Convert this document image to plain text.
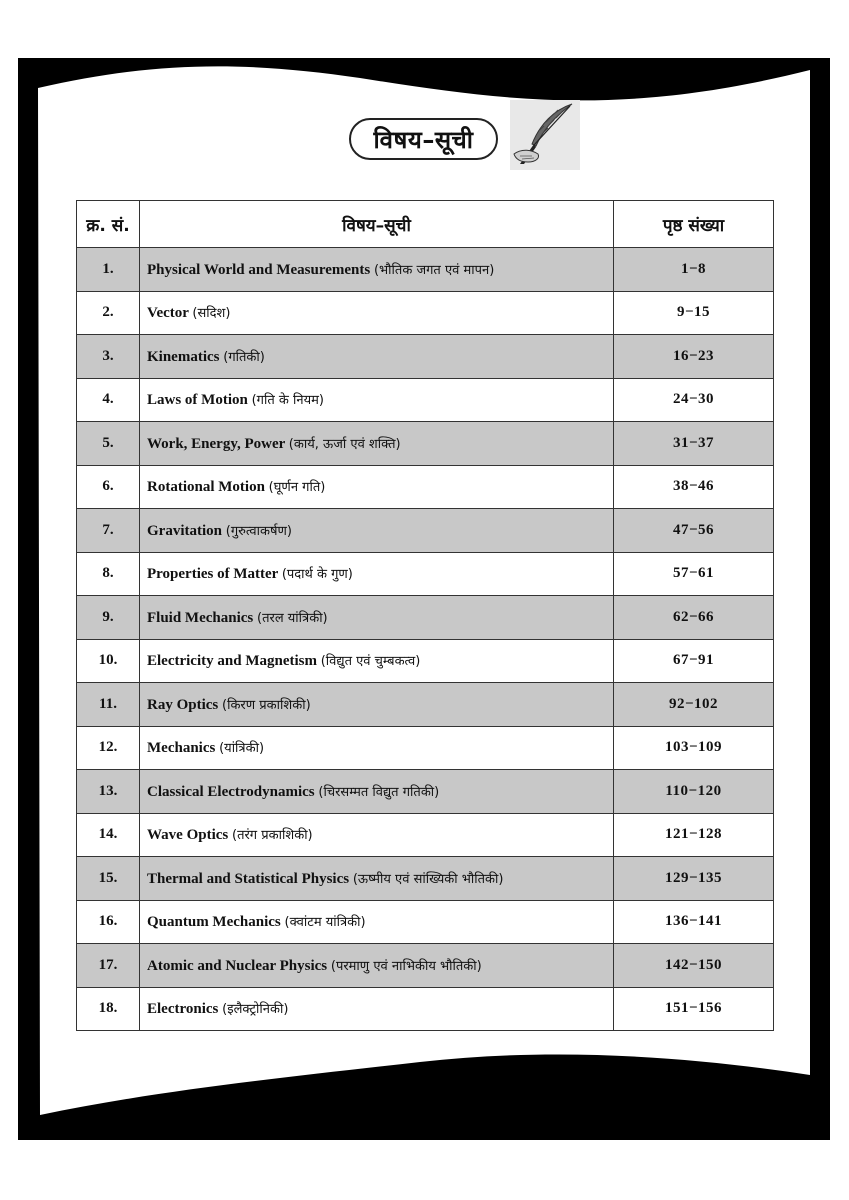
विषय–सूची
क्र. सं.	विषय–सूची	पृष्ठ संख्या
1.	Physical World and Measurements (भौतिक जगत एवं मापन)	1−8
2.	Vector (सदिश)	9−15
3.	Kinematics (गतिकी)	16−23
4.	Laws of Motion (गति के नियम)	24−30
5.	Work, Energy, Power (कार्य, ऊर्जा एवं शक्ति)	31−37
6.	Rotational Motion (घूर्णन गति)	38−46
7.	Gravitation (गुरुत्वाकर्षण)	47−56
8.	Properties of Matter (पदार्थ के गुण)	57−61
9.	Fluid Mechanics (तरल यांत्रिकी)	62−66
10.	Electricity and Magnetism (विद्युत एवं चुम्बकत्व)	67−91
11.	Ray Optics (किरण प्रकाशिकी)	92−102
12.	Mechanics (यांत्रिकी)	103−109
13.	Classical Electrodynamics (चिरसम्मत विद्युत गतिकी)	110−120
14.	Wave Optics (तरंग प्रकाशिकी)	121−128
15.	Thermal and Statistical Physics (ऊष्मीय एवं सांख्यिकी भौतिकी)	129−135
16.	Quantum Mechanics (क्वांटम यांत्रिकी)	136−141
17.	Atomic and Nuclear Physics (परमाणु एवं नाभिकीय भौतिकी)	142−150
18.	Electronics (इलैक्ट्रोनिकी)	151−156
